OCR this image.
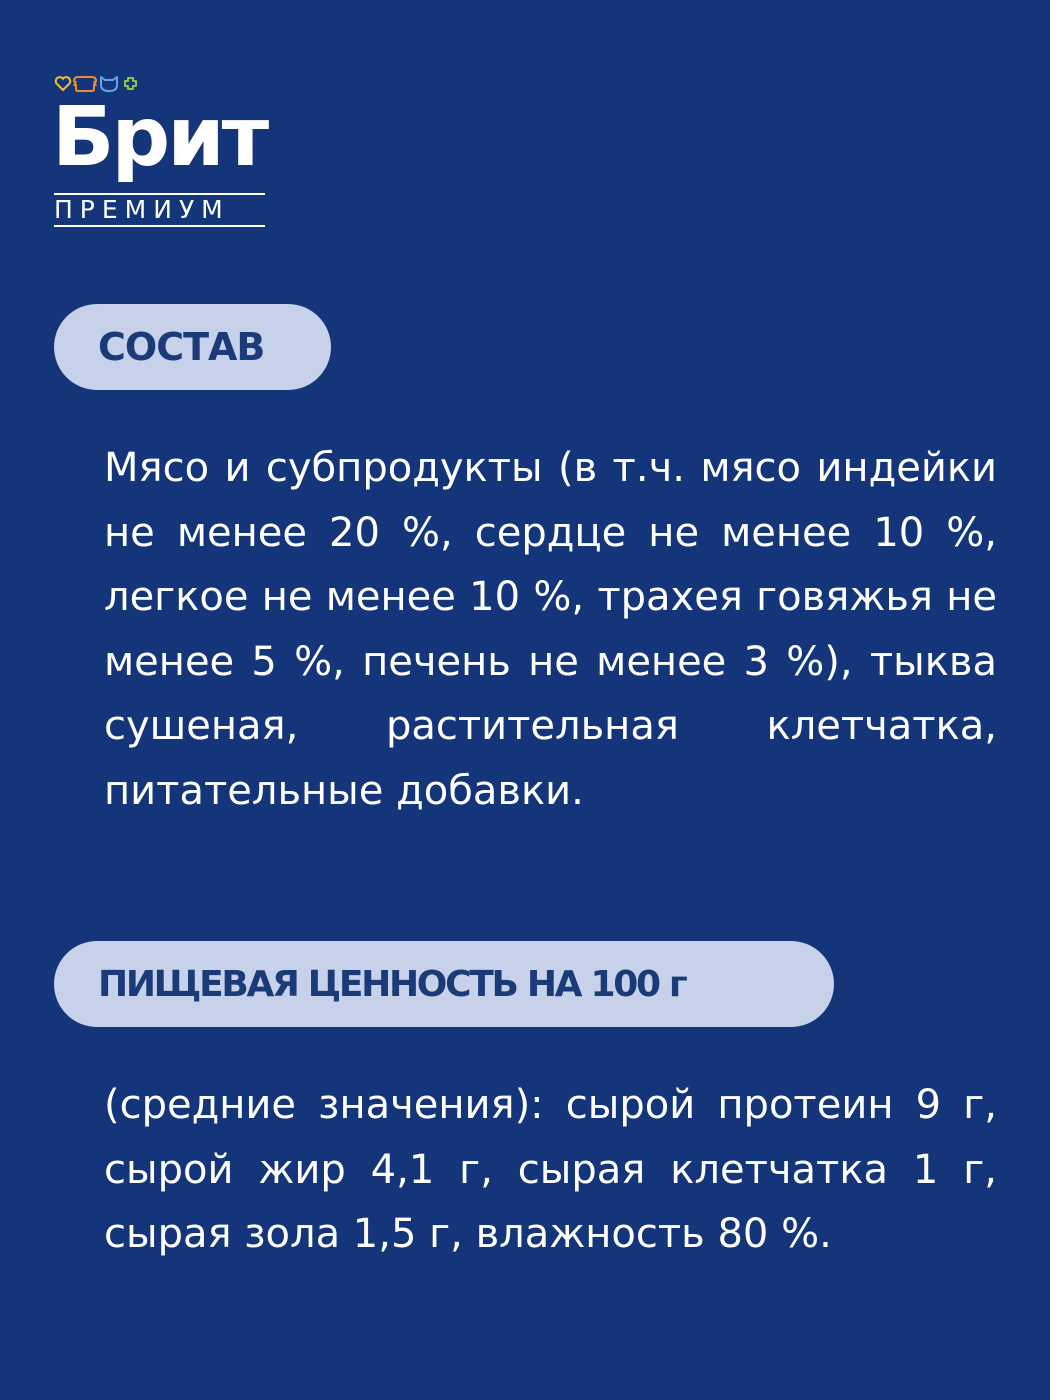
Брит
ПРЕМИУМ
СОСТАВ

Мясо и субпродукты (в т.ч. мясо индейки не менее 20 %, сердце не менее 10 %, легкое не менее 10 %, трахея говяжья не менее 5 %, печень не менее 3 %), тыква сушеная, растительная клетчатка, питательные добавки.

ПИЩЕВАЯ ЦЕННОСТЬ НА 100 г

(средние значения): сырой протеин 9 г, сырой жир 4,1 г, сырая клетчатка 1 г, сырая зола 1,5 г, влажность 80 %.
